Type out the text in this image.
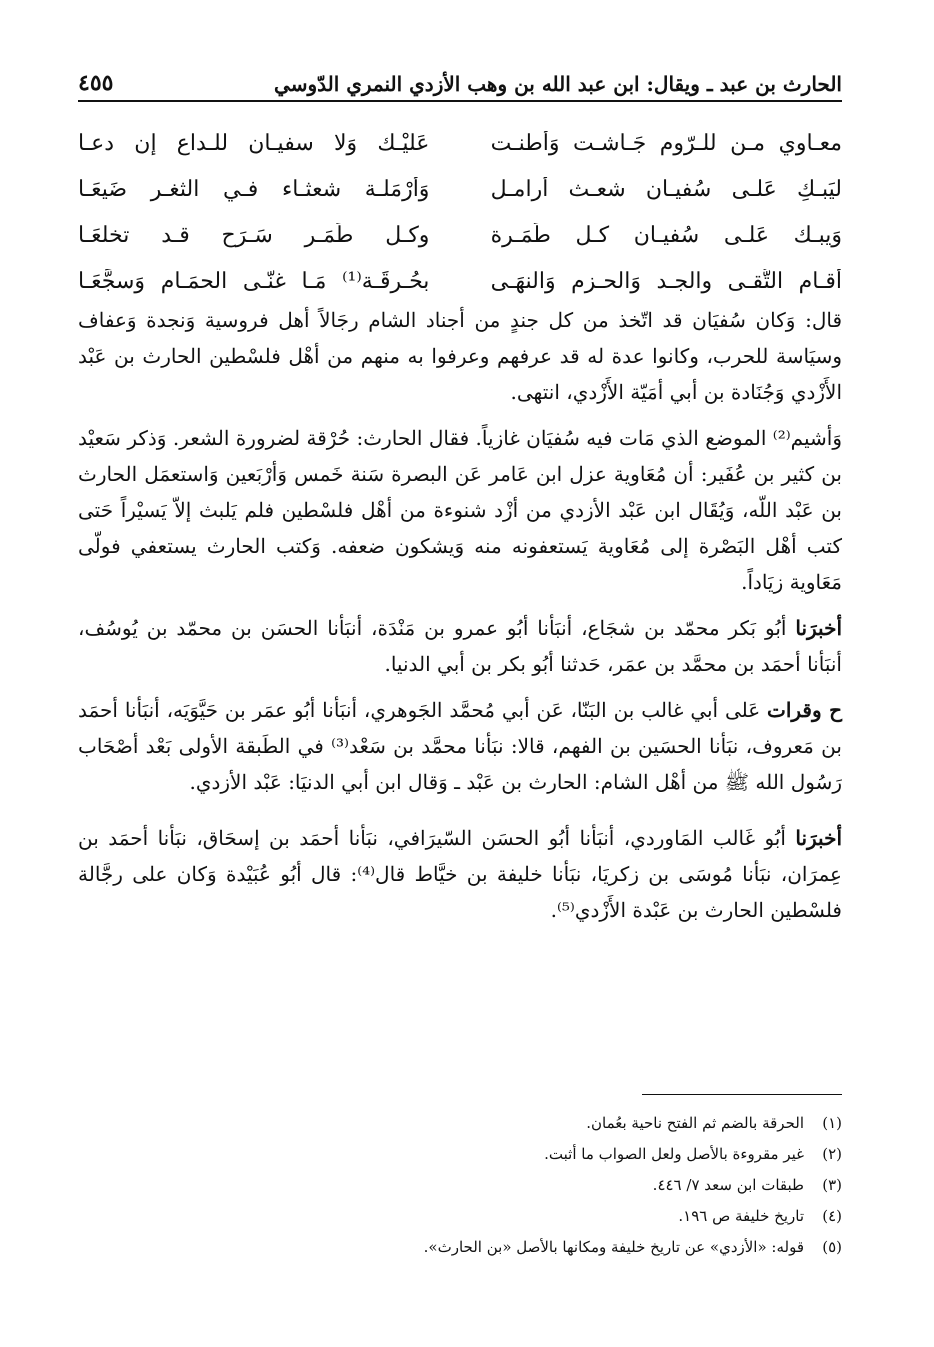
الحارث بن عبد ـ ويقال: ابن عبد الله بن وهب الأزدي النمري الدّوسي
٤٥٥
معـاوي مـن للـرّوم جَـاشـت وَأطنـت
عَليْـك وَلا سفيـان للـداع إن دعـا
ليَبـكِ عَلـى سُفيـان شعـث أرامـل
وَأرْمَلـة شعثـاء فـي الثغـر ضَيعَـا
وَيبـك عَلـى سُفيـان كـل طَمَـرة
وكـل طَمَـر سَـرَح قـد تخلعَـا
أقـام التُّقـى والجـد وَالحـزم وَالنهَـى
بحُـرقَـة⁽¹⁾ مَـا غنّـى الحمَـام وَسجَّعَـا

قال: وَكان سُفيَان قد اتّخذ من كل جندٍ من أجناد الشام رجَالاً أهل فروسية وَنجدة وَعفاف وسيَاسة للحرب، وكانوا عدة له قد عرفهم وعرفوا به منهم من أهْل فلسْطين الحارث بن عَبْد الأَزْدي وَجُنَادة بن أبي أمَيّة الأَزْدي، انتهى.

وَأشيم⁽²⁾ الموضع الذي مَات فيه سُفيَان غازياً. فقال الحارث: حُرْقة لضرورة الشعر. وَذكر سَعيْد بن كثير بن عُفَير: أن مُعَاوية عزل ابن عَامر عَن البصرة سَنة خَمس وَأرْبَعين وَاستعمَل الحارث بن عَبْد اللّه، وَيُقَال ابن عَبْد الأزدي من أزْد شنوءة من أهْل فلسْطين فلم يَلبث إلاّ يَسيْراً حَتى كتب أهْل البَصْرة إلى مُعَاوية يَستعفونه منه وَيشكون ضعفه. وَكتب الحارث يستعفي فولّى مَعَاوية زيَاداً.

أخبرَنا أبُو بَكر محمّد بن شجَاع، أنبَأنا أبُو عمرو بن مَنْدَة، أنبَأنا الحسَن بن محمّد بن يُوسُف، أنبَأنا أحمَد بن محمَّد بن عمَر، حَدثنا أبُو بكر بن أبي الدنيا.

ح وقرات عَلى أبي غالب بن البَنّا، عَن أبي مُحمَّد الجَوهري، أنبَأنا أبُو عمَر بن حَيَّوَيَه، أنبَأنا أحمَد بن مَعروف، نبَأنا الحسَين بن الفهم، قالا: نبَأنا محمَّد بن سَعْد⁽³⁾ في الطَبقة الأولى بَعْد أصْحَاب رَسُول الله ﷺ من أهْل الشام: الحارث بن عَبْد ـ وَقال ابن أبي الدنيَا: عَبْد الأزدي.

أخبرَنا أبُو غَالب المَاوردي، أنبَأنا أبُو الحسَن السّيرَافي، نبَأنا أحمَد بن إسحَاق، نبَأنا أحمَد بن عِمرَان، نبَأنا مُوسَى بن زكريَا، نبَأنا خليفة بن خيَّاط قال⁽⁴⁾: قال أبُو عُبَيْدة وَكان على رجَّالة فلسْطين الحارث بن عَبْدة الأَزْدي⁽⁵⁾.

(١)
الحرقة بالضم ثم الفتح ناحية بعُمان.
(٢)
غير مقروءة بالأصل ولعل الصواب ما أثبت.
(٣)
طبقات ابن سعد ٧/ ٤٤٦.
(٤)
تاريخ خليفة ص ١٩٦.
(٥)
قوله: «الأزدي» عن تاريخ خليفة ومكانها بالأصل «بن الحارث».
